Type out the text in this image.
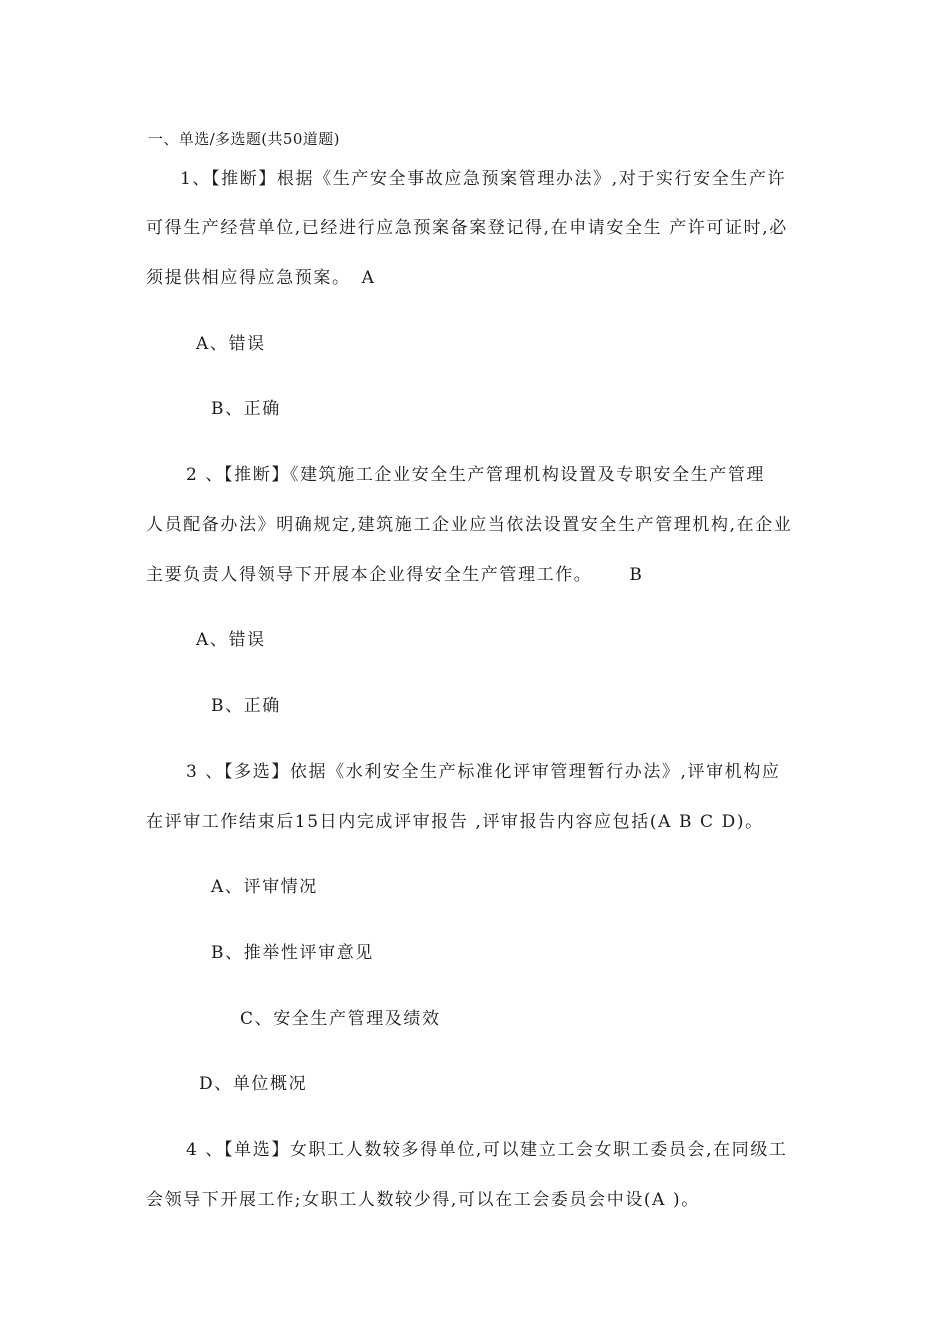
一、单选/多选题(共50道题)
1、【推断】根据《生产安全事故应急预案管理办法》,对于实行安全生产许
可得生产经营单位,已经进行应急预案备案登记得,在申请安全生 产许可证时,必
须提供相应得应急预案。 A
A、错误
B、正确
2 、【推断】《建筑施工企业安全生产管理机构设置及专职安全生产管理
人员配备办法》明确规定,建筑施工企业应当依法设置安全生产管理机构,在企业
主要负责人得领导下开展本企业得安全生产管理工作。 B
A、错误
B、正确
3 、【多选】依据《水利安全生产标准化评审管理暂行办法》,评审机构应
在评审工作结束后15日内完成评审报告 ,评审报告内容应包括(A B C D)。
A、评审情况
B、推举性评审意见
C、安全生产管理及绩效
D、单位概况
4 、【单选】女职工人数较多得单位,可以建立工会女职工委员会,在同级工
会领导下开展工作;女职工人数较少得,可以在工会委员会中设(A )。
